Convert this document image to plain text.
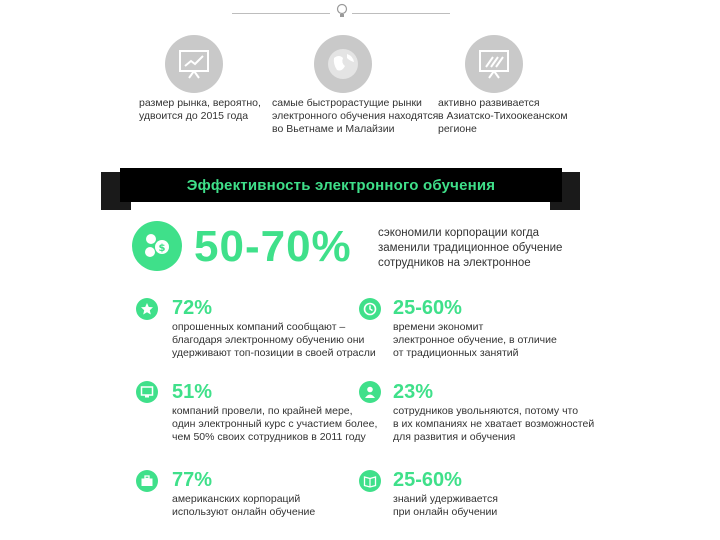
размер рынка, вероятно,
удвоится до 2015 года
самые быстрорастущие рынки
электронного обучения находятся
во Вьетнаме и Малайзии
активно развивается
в Азиатско-Тихоокеанском
регионе
Эффективность электронного обучения
$ 50-70% сэкономили корпорации когда
заменили традиционное обучение
сотрудников на электронное
72%
опрошенных компаний сообщают –
благодаря электронному обучению они
удерживают топ-позиции в своей отрасли
25-60%
времени экономит
электронное обучение, в отличие
от традиционных занятий
51%
компаний провели, по крайней мере,
один электронный курс с участием более,
чем 50% своих сотрудников в 2011 году
23%
сотрудников увольняются, потому что
в их компаниях не хватает возможностей
для развития и обучения
77%
американских корпораций
используют онлайн обучение
25-60%
знаний удерживается
при онлайн обучении
